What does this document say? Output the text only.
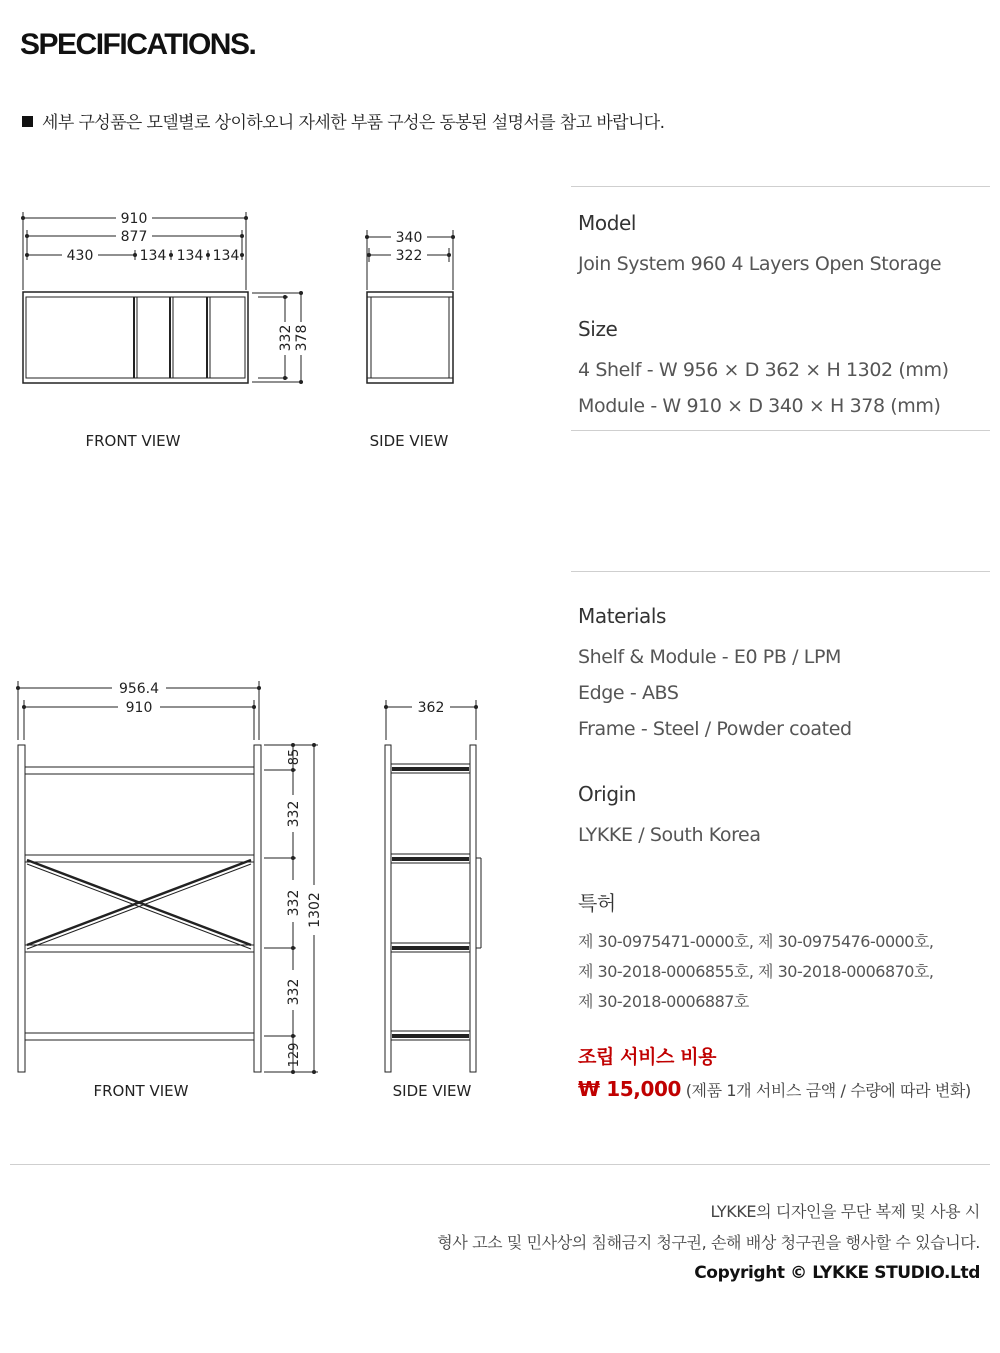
SPECIFICATIONS.
세부 구성품은 모델별로 상이하오니 자세한 부품 구성은 동봉된 설명서를 참고 바랍니다.
910
877
430	134 134 134
332 378
340
322
FRONT VIEW	SIDE VIEW
956.4
910
85
332
332
332
129
1302
362
FRONT VIEW	SIDE VIEW
Model
Join System 960 4 Layers Open Storage
Size
4 Shelf - W 956 × D 362 × H 1302 (mm)
Module - W 910 × D 340 × H 378 (mm)
Materials
Shelf & Module - E0 PB / LPM
Edge - ABS
Frame - Steel / Powder coated
Origin
LYKKE / South Korea
특허
제 30-0975471-0000호, 제 30-0975476-0000호,
제 30-2018-0006855호, 제 30-2018-0006870호,
제 30-2018-0006887호
조립 서비스 비용
₩ 15,000 (제품 1개 서비스 금액 / 수량에 따라 변화)
LYKKE의 디자인을 무단 복제 및 사용 시
형사 고소 및 민사상의 침해금지 청구권, 손해 배상 청구권을 행사할 수 있습니다.
Copyright © LYKKE STUDIO.Ltd
